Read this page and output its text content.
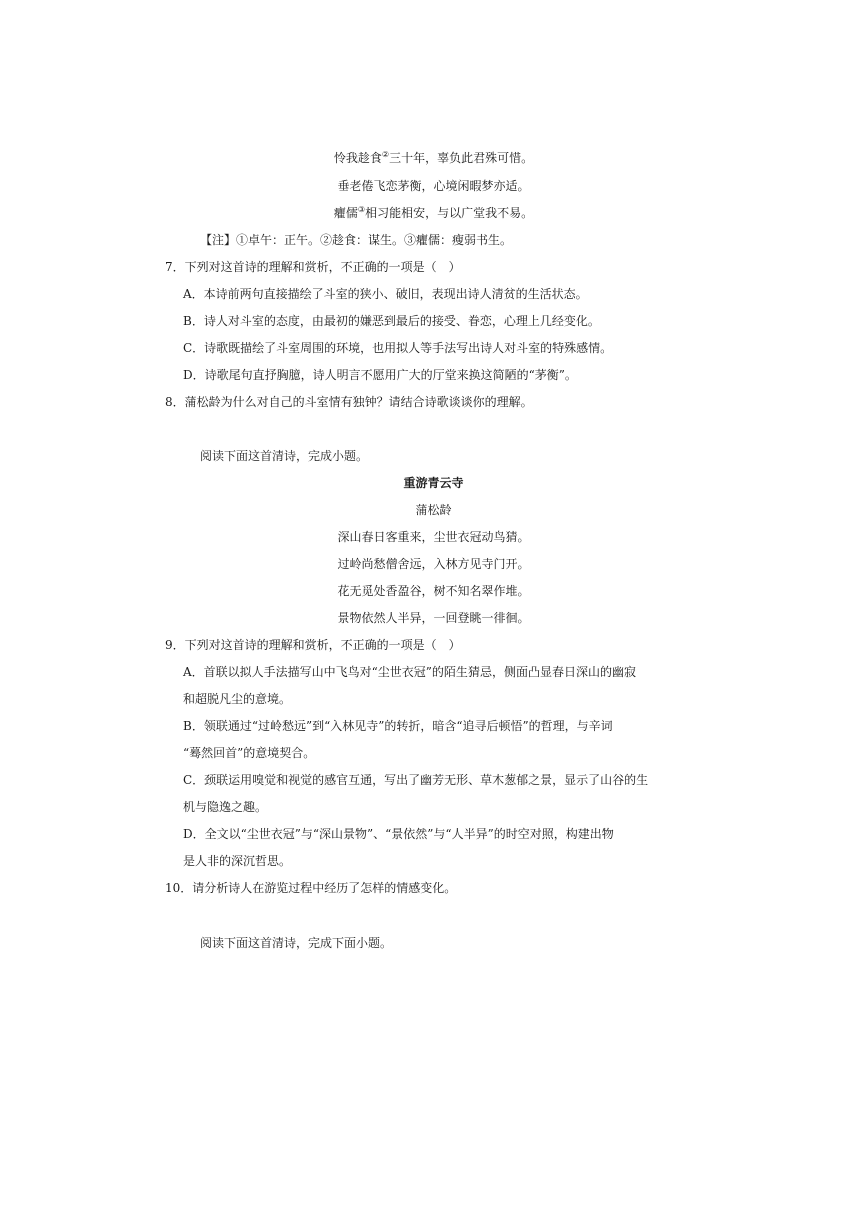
怜我趁食②三十年，辜负此君殊可惜。
垂老倦飞恋茅衡，心境闲暇梦亦适。
癯儒③相习能相安，与以广堂我不易。
【注】①卓午：正午。②趁食：谋生。③癯儒：瘦弱书生。
7．下列对这首诗的理解和赏析，不正确的一项是（　）
A．本诗前两句直接描绘了斗室的狭小、破旧，表现出诗人清贫的生活状态。
B．诗人对斗室的态度，由最初的嫌恶到最后的接受、眷恋，心理上几经变化。
C．诗歌既描绘了斗室周围的环境，也用拟人等手法写出诗人对斗室的特殊感情。
D．诗歌尾句直抒胸臆，诗人明言不愿用广大的厅堂来换这简陋的“茅衡”。
8．蒲松龄为什么对自己的斗室情有独钟？请结合诗歌谈谈你的理解。
阅读下面这首清诗，完成小题。
重游青云寺
蒲松龄
深山春日客重来，尘世衣冠动鸟猜。
过岭尚愁僧舍远，入林方见寺门开。
花无觅处香盈谷，树不知名翠作堆。
景物依然人半异，一回登眺一徘徊。
9．下列对这首诗的理解和赏析，不正确的一项是（　）
A．首联以拟人手法描写山中飞鸟对“尘世衣冠”的陌生猜忌，侧面凸显春日深山的幽寂
和超脱凡尘的意境。
B．领联通过“过岭愁远”到“入林见寺”的转折，暗含“追寻后顿悟”的哲理，与辛词
“蓦然回首”的意境契合。
C．颈联运用嗅觉和视觉的感官互通，写出了幽芳无形、草木葱郁之景，显示了山谷的生
机与隐逸之趣。
D．全文以“尘世衣冠”与“深山景物”、“景依然”与“人半异”的时空对照，构建出物
是人非的深沉哲思。
10．请分析诗人在游览过程中经历了怎样的情感变化。
阅读下面这首清诗，完成下面小题。
